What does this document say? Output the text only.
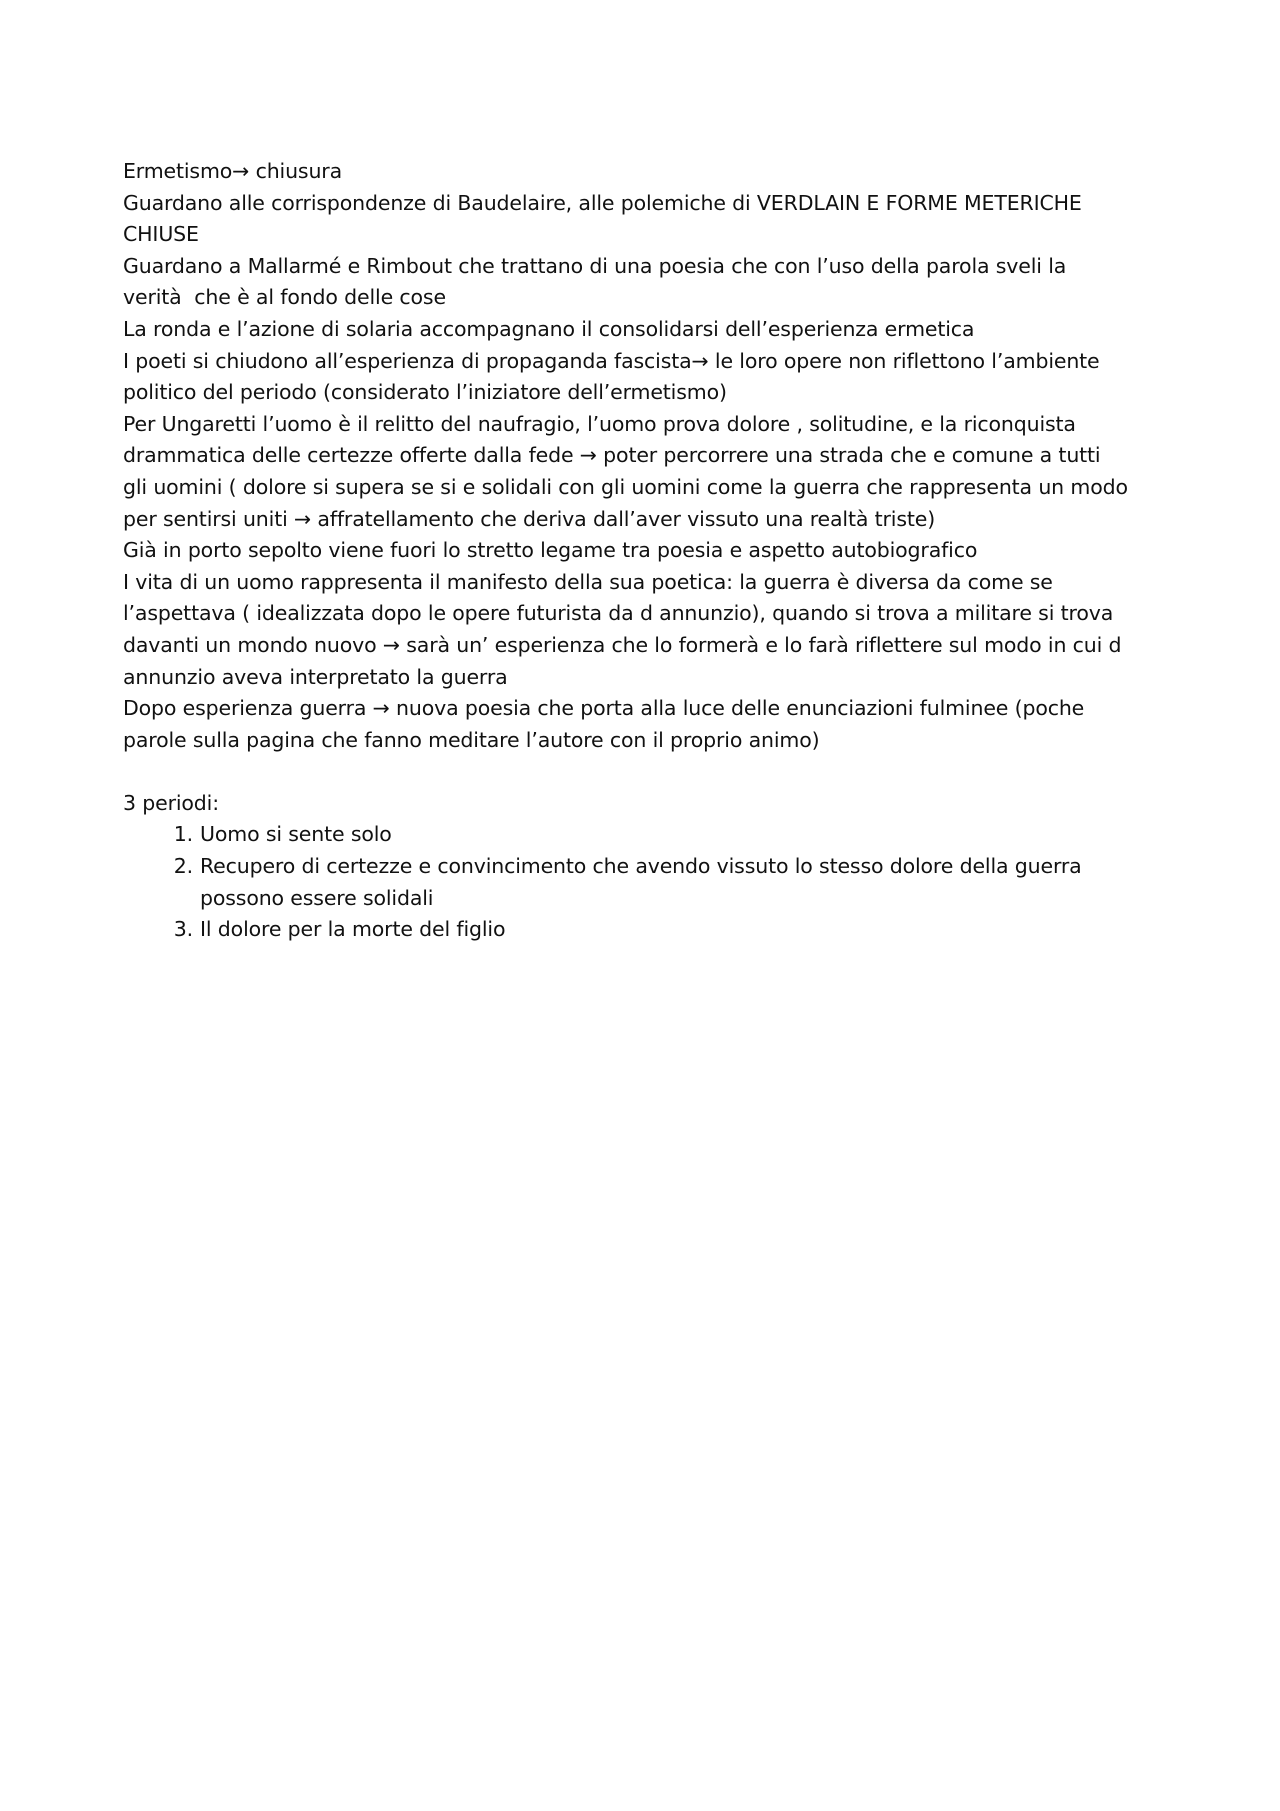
Ermetismo→ chiusura
Guardano alle corrispondenze di Baudelaire, alle polemiche di VERDLAIN E FORME METERICHE
CHIUSE
Guardano a Mallarmé e Rimbout che trattano di una poesia che con l’uso della parola sveli la
verità  che è al fondo delle cose
La ronda e l’azione di solaria accompagnano il consolidarsi dell’esperienza ermetica
I poeti si chiudono all’esperienza di propaganda fascista→ le loro opere non riflettono l’ambiente
politico del periodo (considerato l’iniziatore dell’ermetismo)
Per Ungaretti l’uomo è il relitto del naufragio, l’uomo prova dolore , solitudine, e la riconquista
drammatica delle certezze offerte dalla fede → poter percorrere una strada che e comune a tutti
gli uomini ( dolore si supera se si e solidali con gli uomini come la guerra che rappresenta un modo
per sentirsi uniti → affratellamento che deriva dall’aver vissuto una realtà triste)
Già in porto sepolto viene fuori lo stretto legame tra poesia e aspetto autobiografico
I vita di un uomo rappresenta il manifesto della sua poetica: la guerra è diversa da come se
l’aspettava ( idealizzata dopo le opere futurista da d annunzio), quando si trova a militare si trova
davanti un mondo nuovo → sarà un’ esperienza che lo formerà e lo farà riflettere sul modo in cui d
annunzio aveva interpretato la guerra
Dopo esperienza guerra → nuova poesia che porta alla luce delle enunciazioni fulminee (poche
parole sulla pagina che fanno meditare l’autore con il proprio animo)
3 periodi:
1. Uomo si sente solo
2. Recupero di certezze e convincimento che avendo vissuto lo stesso dolore della guerra
possono essere solidali
3. Il dolore per la morte del figlio
